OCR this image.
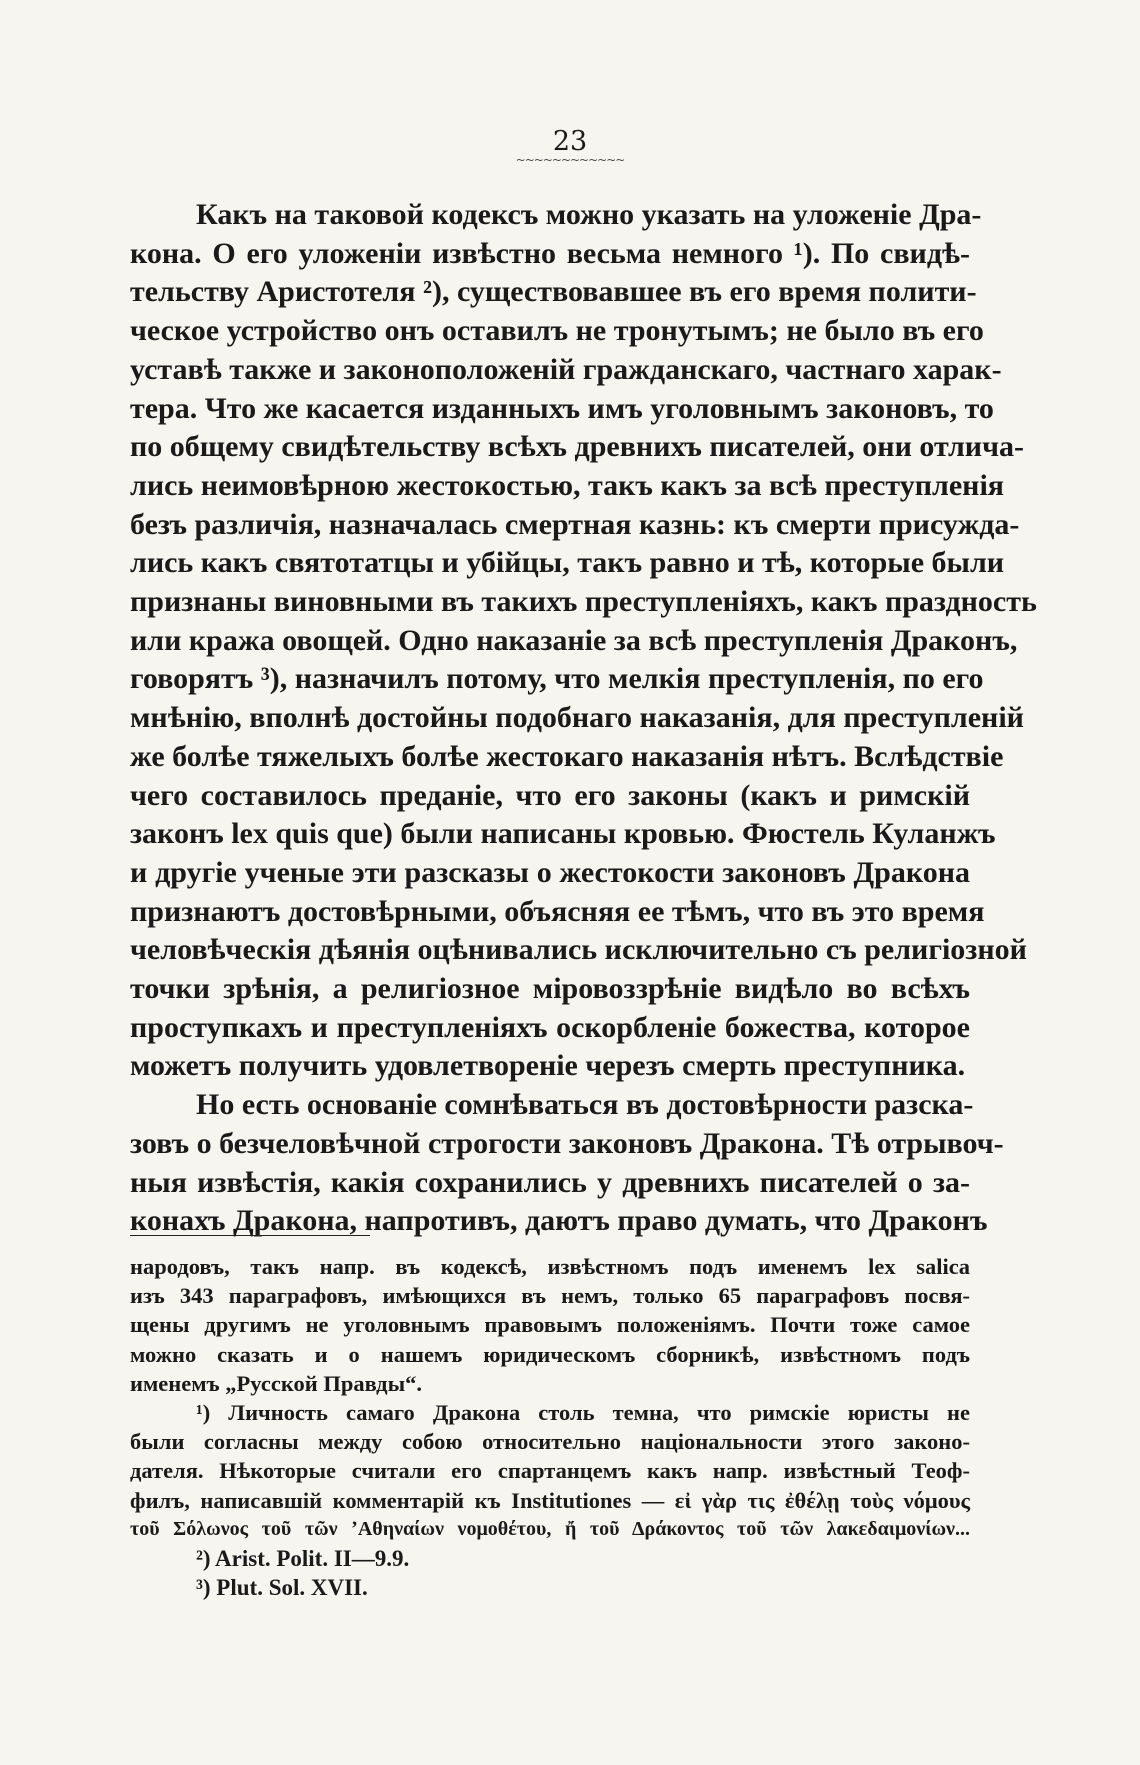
23
~~~~~~~~~~~~
Какъ на таковой кодексъ можно указать на уложеніе Дра-
кона. О его уложеніи извѣстно весьма немного ¹). По свидѣ-
тельству Аристотеля ²), существовавшее въ его время полити-
ческое устройство онъ оставилъ не тронутымъ; не было въ его
уставѣ также и законоположеній гражданскаго, частнаго харак-
тера. Что же касается изданныхъ имъ уголовнымъ законовъ, то
по общему свидѣтельству всѣхъ древнихъ писателей, они отлича-
лись неимовѣрною жестокостью, такъ какъ за всѣ преступленія
безъ различія, назначалась смертная казнь: къ смерти присужда-
лись какъ святотатцы и убійцы, такъ равно и тѣ, которые были
признаны виновными въ такихъ преступленіяхъ, какъ праздность
или кража овощей. Одно наказаніе за всѣ преступленія Драконъ,
говорятъ ³), назначилъ потому, что мелкія преступленія, по его
мнѣнію, вполнѣ достойны подобнаго наказанія, для преступленій
же болѣе тяжелыхъ болѣе жестокаго наказанія нѣтъ. Вслѣдствіе
чего составилось преданіе, что его законы (какъ и римскій
законъ lex quis que) были написаны кровью. Фюстель Куланжъ
и другіе ученые эти разсказы о жестокости законовъ Дракона
признаютъ достовѣрными, объясняя ее тѣмъ, что въ это время
человѣческія дѣянія оцѣнивались исключительно съ религіозной
точки зрѣнія, а религіозное міровоззрѣніе видѣло во всѣхъ
проступкахъ и преступленіяхъ оскорбленіе божества, которое
можетъ получить удовлетвореніе черезъ смерть преступника.
Но есть основаніе сомнѣваться въ достовѣрности разска-
зовъ о безчеловѣчной строгости законовъ Дракона. Тѣ отрывоч-
ныя извѣстія, какія сохранились у древнихъ писателей о за-
конахъ Дракона, напротивъ, даютъ право думать, что Драконъ
народовъ, такъ напр. въ кодексѣ, извѣстномъ подъ именемъ lex salica
изъ 343 параграфовъ, имѣющихся въ немъ, только 65 параграфовъ посвя-
щены другимъ не уголовнымъ правовымъ положеніямъ. Почти тоже самое
можно сказать и о нашемъ юридическомъ сборникѣ, извѣстномъ подъ
именемъ „Русской Правды“.
¹) Личность самаго Дракона столь темна, что римскіе юристы не
были согласны между собою относительно національности этого законо-
дателя. Нѣкоторые считали его спартанцемъ какъ напр. извѣстный Теоф-
филъ, написавшій комментарій къ Institutiones — εἰ γὰρ τις ἐθέλῃ τοὺς νόμους
τοῦ Σόλωνος τοῦ τῶν ʼΑθηναίων νομοθέτου, ἤ τοῦ Δράκοντος τοῦ τῶν λακεδαιμονίων...
²) Arist. Polit. II—9.9.
³) Plut. Sol. XVII.
